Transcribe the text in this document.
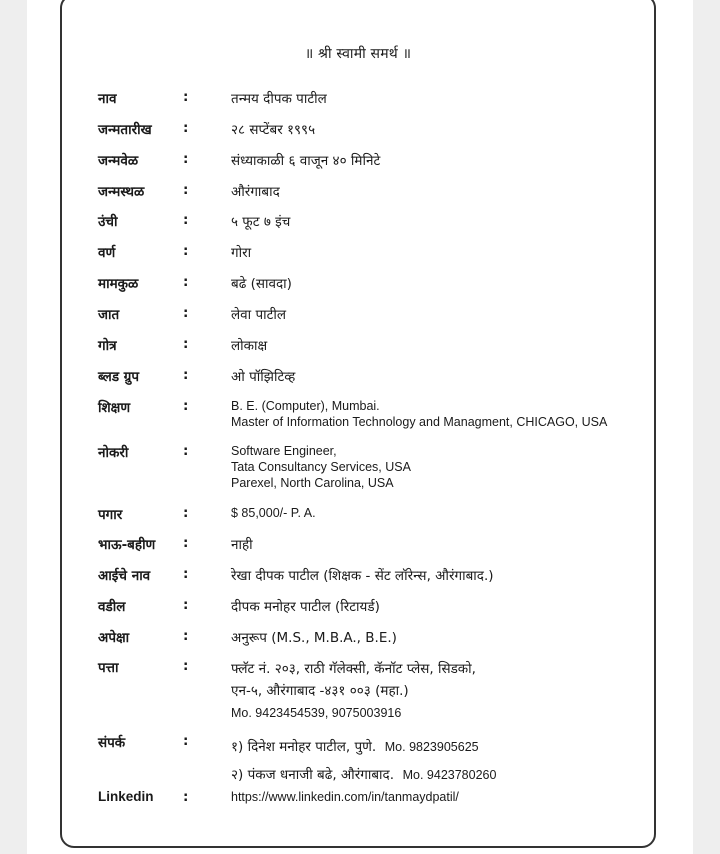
॥ श्री स्वामी समर्थ ॥
नाव	:	तन्मय दीपक पाटील
जन्मतारीख :	२८ सप्टेंबर १९९५
जन्मवेळ	:	संध्याकाळी ६ वाजून ४० मिनिटे
जन्मस्थळ	:	औरंगाबाद
उंची	:	५ फूट ७ इंच
वर्ण	:	गोरा
मामकुळ	:	बढे (सावदा)
जात	:	लेवा पाटील
गोत्र	:	लोकाक्ष
ब्लड ग्रुप	:	ओ पॉझिटिव्ह
शिक्षण	:	B. E. (Computer), Mumbai.
Master of Information Technology and Managment, CHICAGO, USA
नोकरी	:	Software Engineer,
Tata Consultancy Services, USA
Parexel, North Carolina, USA
पगार	:	$ 85,000/- P. A.
भाऊ-बहीण :	नाही
आईचे नाव :	रेखा दीपक पाटील (शिक्षक - सेंट लॉरेन्स, औरंगाबाद.)
वडील	:	दीपक मनोहर पाटील (रिटायर्ड)
अपेक्षा	:	अनुरूप (M.S., M.B.A., B.E.)
पत्ता	:	फ्लॅट नं. २०३, राठी गॅलेक्सी, कॅनॉट प्लेस, सिडको,
एन-५, औरंगाबाद -४३१ ००३ (महा.)
Mo. 9423454539, 9075003916
संपर्क	:	१) दिनेश मनोहर पाटील, पुणे. Mo. 9823905625
२) पंकज धनाजी बढे, औरंगाबाद. Mo. 9423780260
Linkedin :	https://www.linkedin.com/in/tanmaydpatil/
